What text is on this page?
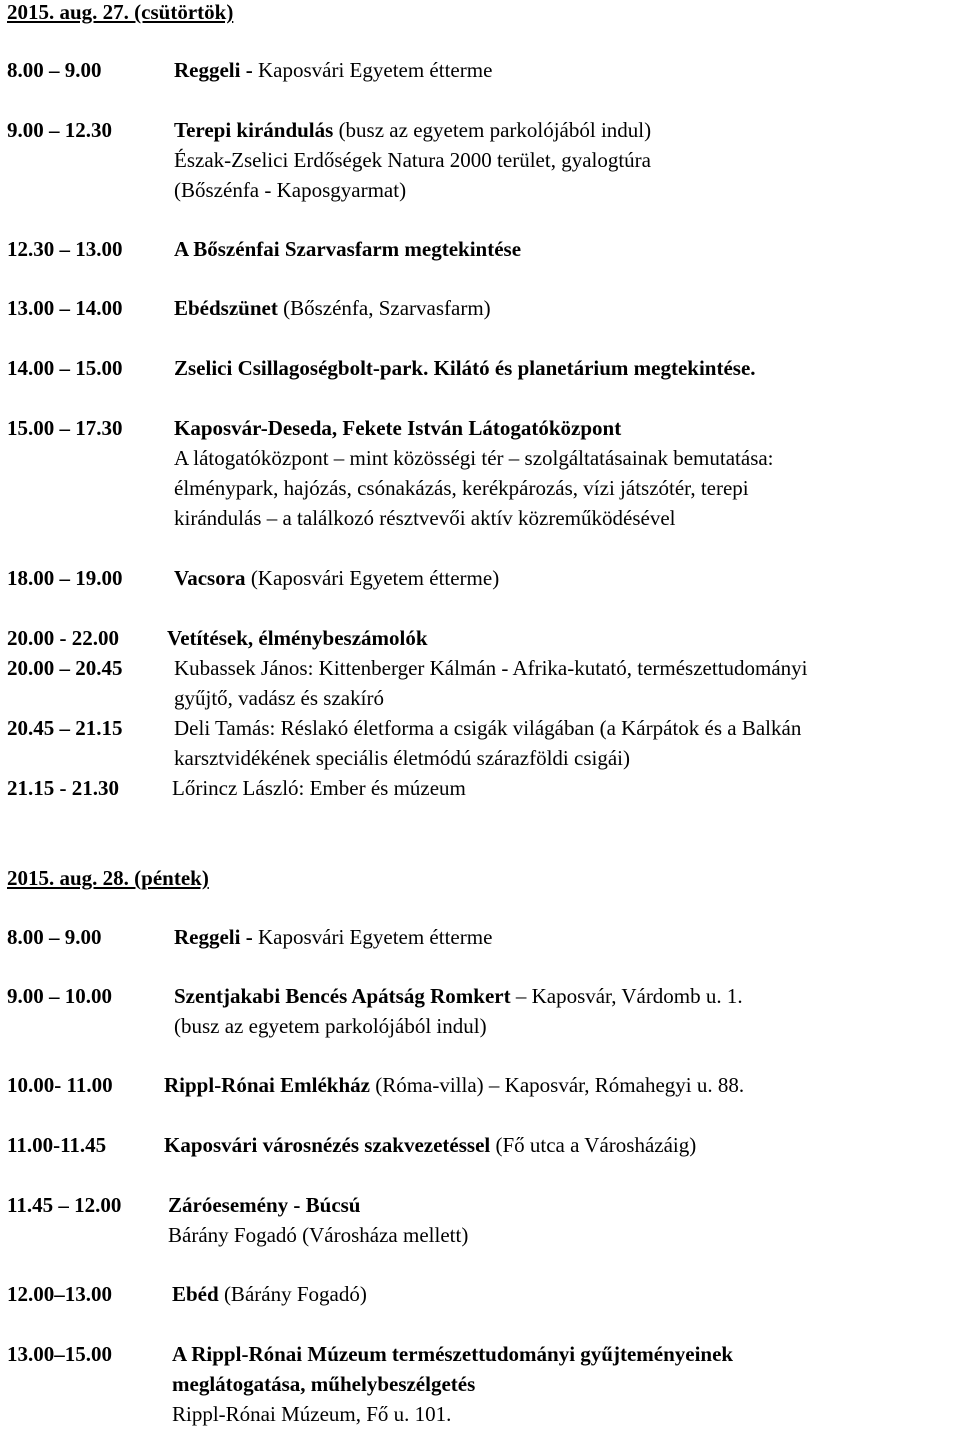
2015. aug. 27. (csütörtök)
8.00 – 9.00	Reggeli - Kaposvári Egyetem étterme
9.00 – 12.30	Terepi kirándulás (busz az egyetem parkolójából indul)
Észak-Zselici Erdőségek Natura 2000 terület, gyalogtúra
(Bőszénfa - Kaposgyarmat)
12.30 – 13.00 A Bőszénfai Szarvasfarm megtekintése
13.00 – 14.00 Ebédszünet (Bőszénfa, Szarvasfarm)
14.00 – 15.00 Zselici Csillagoségbolt-park. Kilátó és planetárium megtekintése.
15.00 – 17.30 Kaposvár-Deseda, Fekete István Látogatóközpont
A látogatóközpont – mint közösségi tér – szolgáltatásainak bemutatása:
élménypark, hajózás, csónakázás, kerékpározás, vízi játszótér, terepi
kirándulás – a találkozó résztvevői aktív közreműködésével
18.00 – 19.00 Vacsora (Kaposvári Egyetem étterme)
20.00 - 22.00 Vetítések, élménybeszámolók
20.00 – 20.45 Kubassek János: Kittenberger Kálmán - Afrika-kutató, természettudományi
gyűjtő, vadász és szakíró
20.45 – 21.15 Deli Tamás: Réslakó életforma a csigák világában (a Kárpátok és a Balkán
karsztvidékének speciális életmódú szárazföldi csigái)
21.15 - 21.30	Lőrincz László: Ember és múzeum
2015. aug. 28. (péntek)
8.00 – 9.00	Reggeli - Kaposvári Egyetem étterme
9.00 – 10.00	Szentjakabi Bencés Apátság Romkert – Kaposvár, Várdomb u. 1.
(busz az egyetem parkolójából indul)
10.00- 11.00 Rippl-Rónai Emlékház (Róma-villa) – Kaposvár, Rómahegyi u. 88.
11.00-11.45	Kaposvári városnézés szakvezetéssel (Fő utca a Városházáig)
11.45 – 12.00 Záróesemény - Búcsú
Bárány Fogadó (Városháza mellett)
12.00–13.00	Ebéd (Bárány Fogadó)
13.00–15.00	A Rippl-Rónai Múzeum természettudományi gyűjteményeinek
meglátogatása, műhelybeszélgetés
Rippl-Rónai Múzeum, Fő u. 101.
